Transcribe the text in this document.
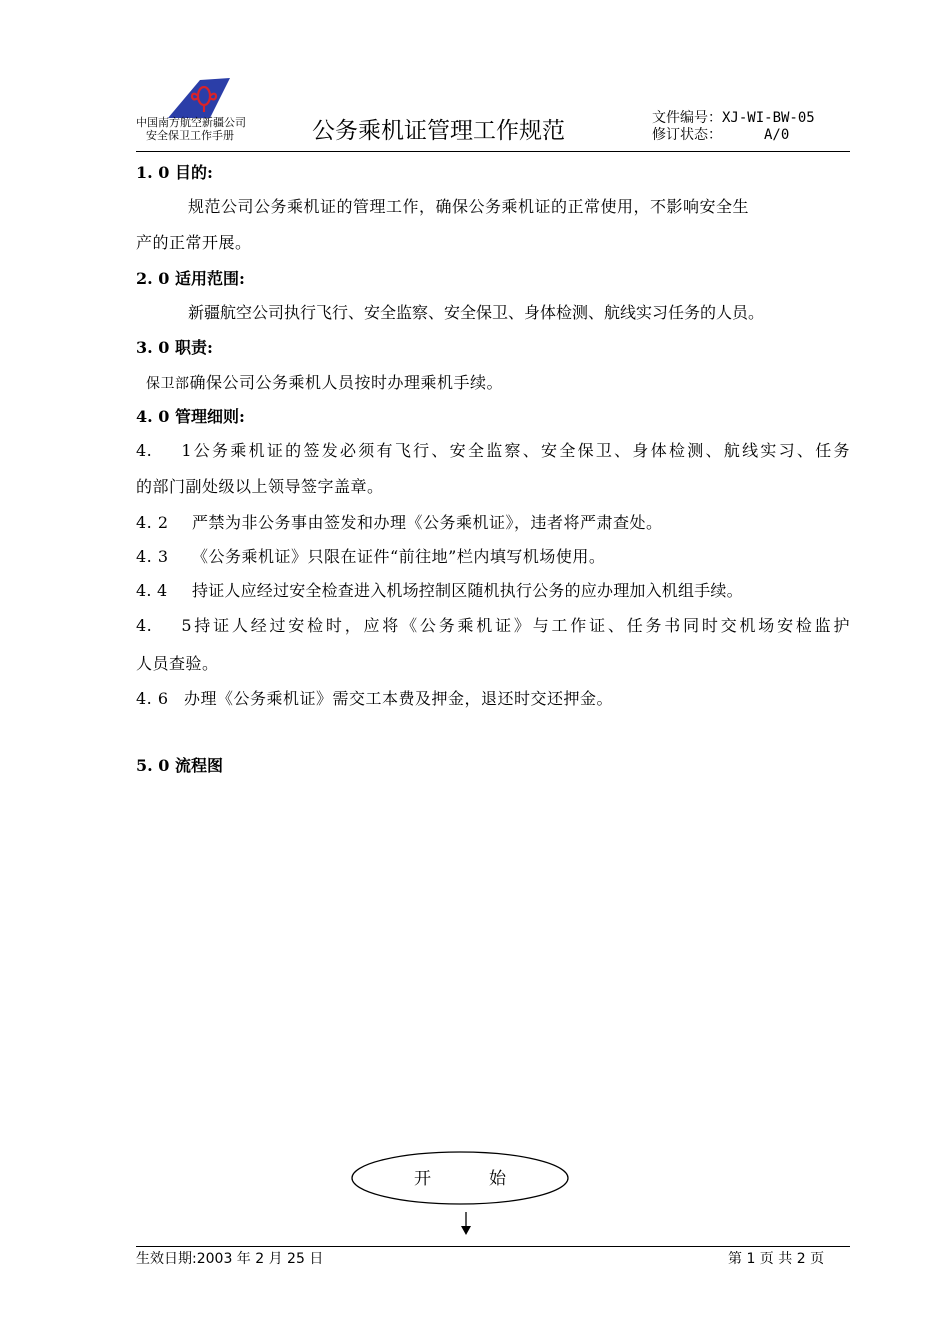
中国南方航空新疆公司
安全保卫工作手册	公务乘机证管理工作规范	文件编号：XJ-WI-BW-05
修订状态：	A/0
1. 0 目的:
规范公司公务乘机证的管理工作，确保公务乘机证的正常使用，不影响安全生
产的正常开展。
2. 0 适用范围:
新疆航空公司执行飞行、安全监察、安全保卫、身体检测、航线实习任务的人员。
3. 0 职责:
保卫部确保公司公务乘机人员按时办理乘机手续。
4. 0 管理细则:
4. 1公务乘机证的签发必须有飞行、安全监察、安全保卫、身体检测、航线实习、任务
的部门副处级以上领导签字盖章。
4. 2 严禁为非公务事由签发和办理《公务乘机证》，违者将严肃查处。
4. 3 《公务乘机证》只限在证件“前往地”栏内填写机场使用。
4. 4 持证人应经过安全检查进入机场控制区随机执行公务的应办理加入机组手续。
4. 5持证人经过安检时，应将《公务乘机证》与工作证、任务书同时交机场安检监护
人员查验。
4. 6 办理《公务乘机证》需交工本费及押金，退还时交还押金。
5. 0 流程图
开始
生效日期:2003 年 2 月 25 日	第 1 页 共 2 页
